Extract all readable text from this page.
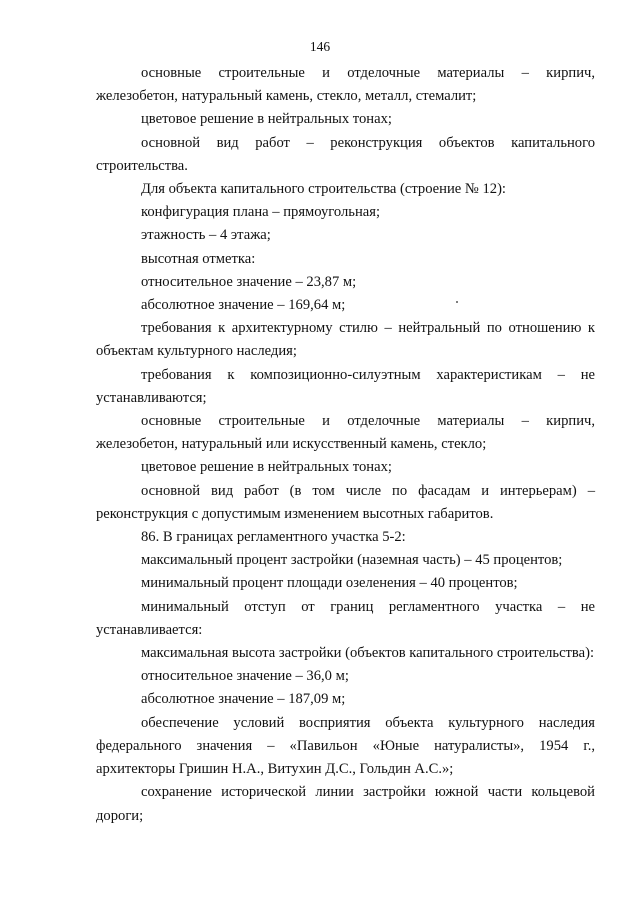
146

основные строительные и отделочные материалы – кирпич, железобетон, натуральный камень, стекло, металл, стемалит;

цветовое решение в нейтральных тонах;

основной вид работ – реконструкция объектов капитального строительства.

Для объекта капитального строительства (строение № 12):

конфигурация плана – прямоугольная;

этажность – 4 этажа;

высотная отметка:

относительное значение – 23,87 м;

абсолютное значение – 169,64 м;

требования к архитектурному стилю – нейтральный по отношению к объектам культурного наследия;

требования к композиционно-силуэтным характеристикам – не устанавливаются;

основные строительные и отделочные материалы – кирпич, железобетон, натуральный или искусственный камень, стекло;

цветовое решение в нейтральных тонах;

основной вид работ (в том числе по фасадам и интерьерам) – реконструкция с допустимым изменением высотных габаритов.

86. В границах регламентного участка 5-2:

максимальный процент застройки (наземная часть) – 45 процентов;

минимальный процент площади озеленения – 40 процентов;

минимальный отступ от границ регламентного участка – не устанавливается:

максимальная высота застройки (объектов капитального строительства):

относительное значение – 36,0 м;

абсолютное значение – 187,09 м;

обеспечение условий восприятия объекта культурного наследия федерального значения – «Павильон «Юные натуралисты», 1954 г., архитекторы Гришин Н.А., Витухин Д.С., Гольдин А.С.»;

сохранение исторической линии застройки южной части кольцевой дороги;
